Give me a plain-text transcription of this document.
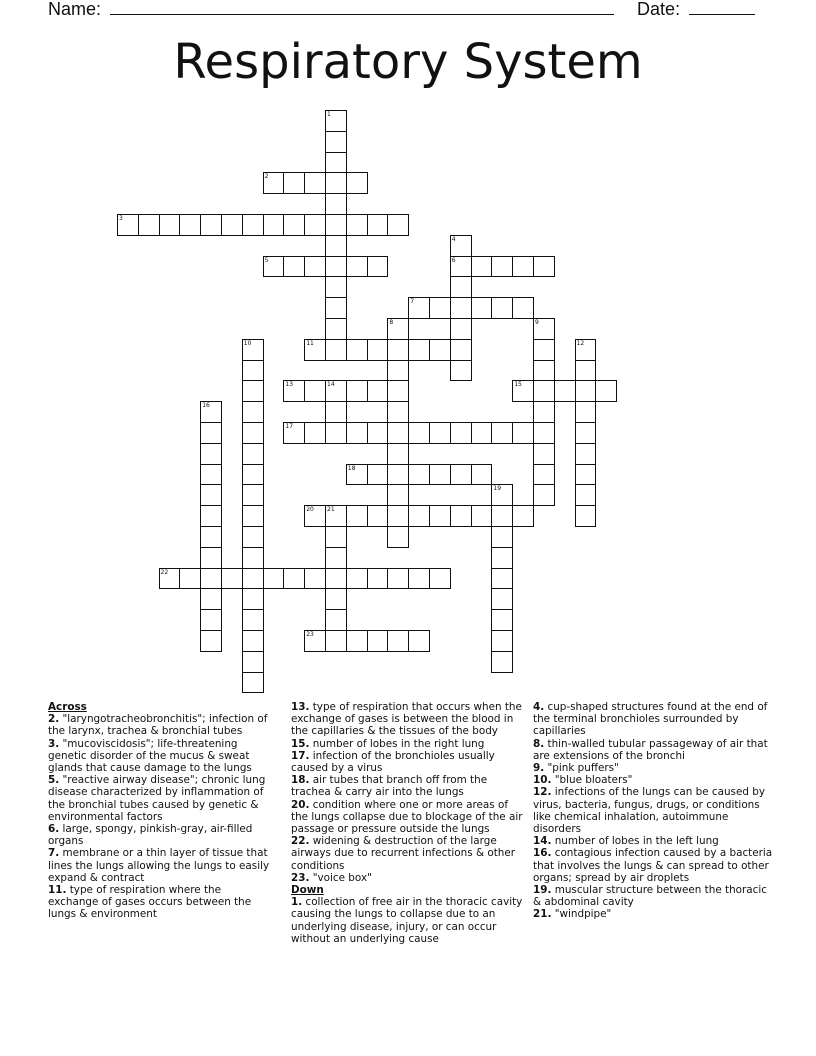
Name:	Date:
Respiratory System
1
2
3
4
6
5
7
8	9
10	11	12
13	14	15
16
17
18
19
20 21
22
23
Across
2. "laryngotracheobronchitis"; infection of the larynx, trachea & bronchial tubes
3. "mucoviscidosis"; life-threatening genetic disorder of the mucus & sweat glands that cause damage to the lungs
5. "reactive airway disease"; chronic lung disease characterized by inflammation of the bronchial tubes caused by genetic & environmental factors
6. large, spongy, pinkish-gray, air-filled organs
7. membrane or a thin layer of tissue that lines the lungs allowing the lungs to easily expand & contract
11. type of respiration where the exchange of gases occurs between the lungs & environment
13. type of respiration that occurs when the exchange of gases is between the blood in the capillaries & the tissues of the body
15. number of lobes in the right lung
17. infection of the bronchioles usually caused by a virus
18. air tubes that branch off from the trachea & carry air into the lungs
20. condition where one or more areas of the lungs collapse due to blockage of the air passage or pressure outside the lungs
22. widening & destruction of the large airways due to recurrent infections & other conditions
23. "voice box"
Down
1. collection of free air in the thoracic cavity causing the lungs to collapse due to an underlying disease, injury, or can occur without an underlying cause
4. cup-shaped structures found at the end of the terminal bronchioles surrounded by capillaries
8. thin-walled tubular passageway of air that are extensions of the bronchi
9. "pink puffers"
10. "blue bloaters"
12. infections of the lungs can be caused by virus, bacteria, fungus, drugs, or conditions like chemical inhalation, autoimmune disorders
14. number of lobes in the left lung
16. contagious infection caused by a bacteria that involves the lungs & can spread to other organs; spread by air droplets
19. muscular structure between the thoracic & abdominal cavity
21. "windpipe"
